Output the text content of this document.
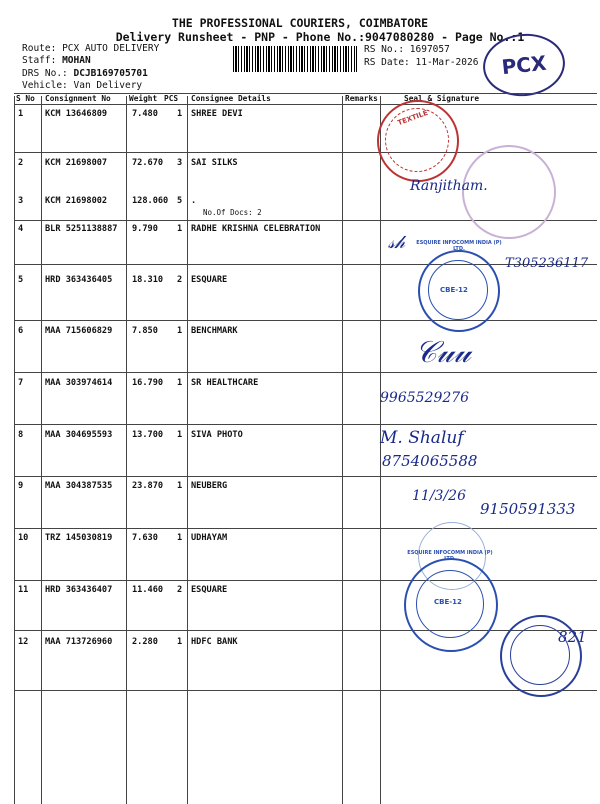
THE PROFESSIONAL COURIERS, COIMBATORE
Delivery Runsheet - PNP - Phone No.:9047080280 - Page No.:1
Route: PCX AUTO DELIVERY
Staff: MOHAN
DRS No.: DCJB169705701
Vehicle: Van Delivery
RS No.: 1697057
RS Date: 11-Mar-2026	PCX
S No Consignment No Weight PCS Consignee Details	Remarks	Seal & Signature
1	KCM 13646809	7.480 1 SHREE DEVI
2	KCM 21698007	72.670 3 SAI SILKS
3	KCM 21698002	128.060 5 .
No.Of Docs: 2
4	BLR 5251138887 9.790 1 RADHE KRISHNA CELEBRATION
5	HRD 363436405 18.310 2 ESQUARE
6	MAA 715606829 7.850 1 BENCHMARK
7	MAA 303974614 16.790 1 SR HEALTHCARE
8	MAA 304695593 13.700 1 SIVA PHOTO
9	MAA 304387535 23.870 1 NEUBERG
10 TRZ 145030819 7.630 1 UDHAYAM
11 HRD 363436407 11.460 2 ESQUARE
12 MAA 713726960 2.280 1 HDFC BANK
TEXTILE
Ranjitham.
𝓈𝒽
T305236117
CBE-12
ESQUIRE INFOCOMM INDIA (P) LTD.
𝒞𝓊𝓊
9965529276
M. Shaluf
8754065588
11/3/26
9150591333
CBE-12
ESQUIRE INFOCOMM INDIA (P) LTD.
821
